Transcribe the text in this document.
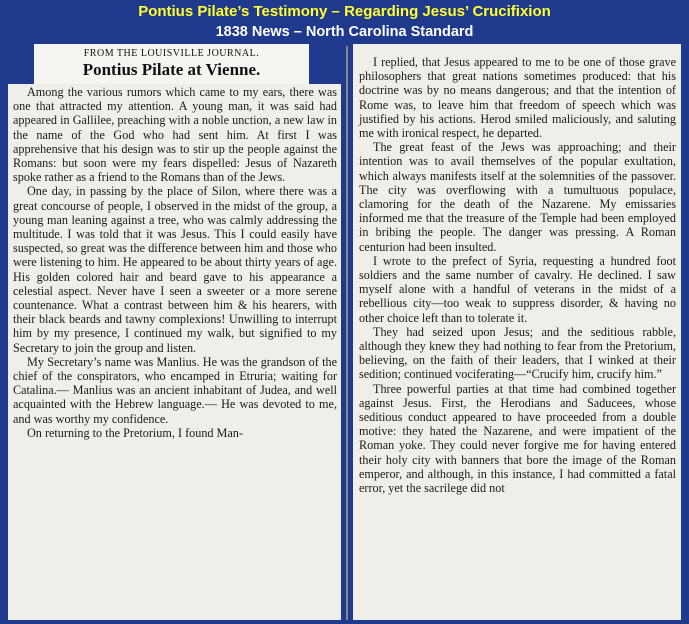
Pontius Pilate’s Testimony – Regarding Jesus’ Crucifixion
1838 News – North Carolina Standard

Among the various rumors which came to my ears, there was one that attracted my attention. A young man, it was said had appeared in Gallilee, preaching with a noble unction, a new law in the name of the God who had sent him. At first I was apprehensive that his design was to stir up the people against the Romans: but soon were my fears dispelled: Jesus of Nazareth spoke rather as a friend to the Romans than of the Jews.

One day, in passing by the place of Silon, where there was a great concourse of people, I observed in the midst of the group, a young man leaning against a tree, who was calmly addressing the multitude. I was told that it was Jesus. This I could easily have suspected, so great was the difference between him and those who were listening to him. He appeared to be about thirty years of age. His golden colored hair and beard gave to his appearance a celestial aspect. Never have I seen a sweeter or a more serene countenance. What a contrast between him & his hearers, with their black beards and tawny complexions! Unwilling to interrupt him by my presence, I continued my walk, but signified to my Secretary to join the group and listen.

My Secretary’s name was Manlius. He was the grandson of the chief of the conspirators, who encamped in Etruria; waiting for Catalina.— Manlius was an ancient inhabitant of Judea, and well acquainted with the Hebrew language.— He was devoted to me, and was worthy my confidence.

On returning to the Pretorium, I found Man-

FROM THE LOUISVILLE JOURNAL.
Pontius Pilate at Vienne.	I replied, that Jesus appeared to me to be one of those grave philosophers that great nations sometimes produced: that his doctrine was by no means dangerous; and that the intention of Rome was, to leave him that freedom of speech which was justified by his actions. Herod smiled maliciously, and saluting me with ironical respect, he departed.

The great feast of the Jews was approaching; and their intention was to avail themselves of the popular exultation, which always manifests itself at the solemnities of the passover. The city was overflowing with a tumultuous populace, clamoring for the death of the Nazarene. My emissaries informed me that the treasure of the Temple had been employed in bribing the people. The danger was pressing. A Roman centurion had been insulted.

I wrote to the prefect of Syria, requesting a hundred foot soldiers and the same number of cavalry. He declined. I saw myself alone with a handful of veterans in the midst of a rebellious city—too weak to suppress disorder, & having no other choice left than to tolerate it.

They had seized upon Jesus; and the seditious rabble, although they knew they had nothing to fear from the Pretorium, believing, on the faith of their leaders, that I winked at their sedition; continued vociferating—“Crucify him, crucify him.”

Three powerful parties at that time had combined together against Jesus. First, the Herodians and Saducees, whose seditious conduct appeared to have proceeded from a double motive: they hated the Nazarene, and were impatient of the Roman yoke. They could never forgive me for having entered their holy city with banners that bore the image of the Roman emperor, and although, in this instance, I had committed a fatal error, yet the sacrilege did not
